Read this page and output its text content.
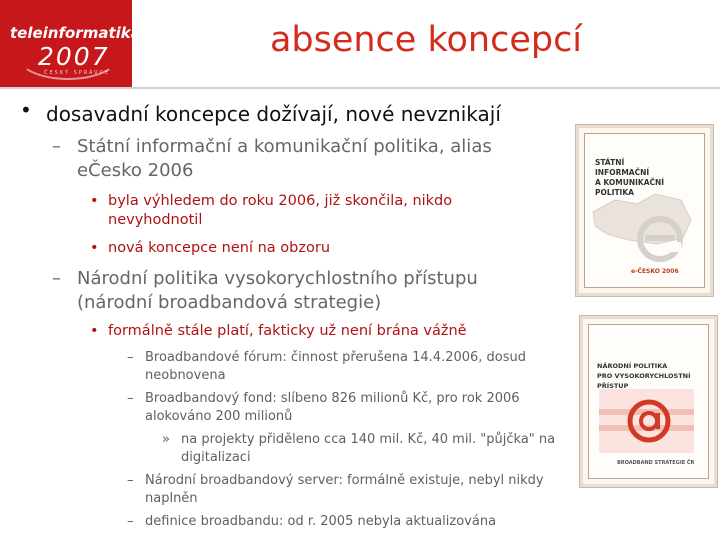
teleinformatika
2007
ČESKÝ SPRÁVCE
absence koncepcí
• dosavadní koncepce dožívají, nové nevznikají
– Státní informační a komunikační politika, alias
eČesko 2006
• byla výhledem do roku 2006, již skončila, nikdo
nevyhodnotil
• nová koncepce není na obzoru
– Národní politika vysokorychlostního přístupu
(národní broadbandová strategie)
• formálně stále platí, fakticky už není brána vážně
– Broadbandové fórum: činnost přerušena 14.4.2006, dosud
neobnovena
– Broadbandový fond: slíbeno 826 milionů Kč, pro rok 2006
alokováno 200 milionů
» na projekty přiděleno cca 140 mil. Kč, 40 mil. "půjčka" na
digitalizaci
– Národní broadbandový server: formálně existuje, nebyl nikdy
naplněn
– definice broadbandu: od r. 2005 nebyla aktualizována
STÁTNÍ
INFORMAČNÍ
A KOMUNIKAČNÍ
POLITIKA
e-ČESKO 2006
NÁRODNÍ POLITIKA
PRO VYSOKORYCHLOSTNÍ
PŘÍSTUP
BROADBAND STRATEGIE ČR
